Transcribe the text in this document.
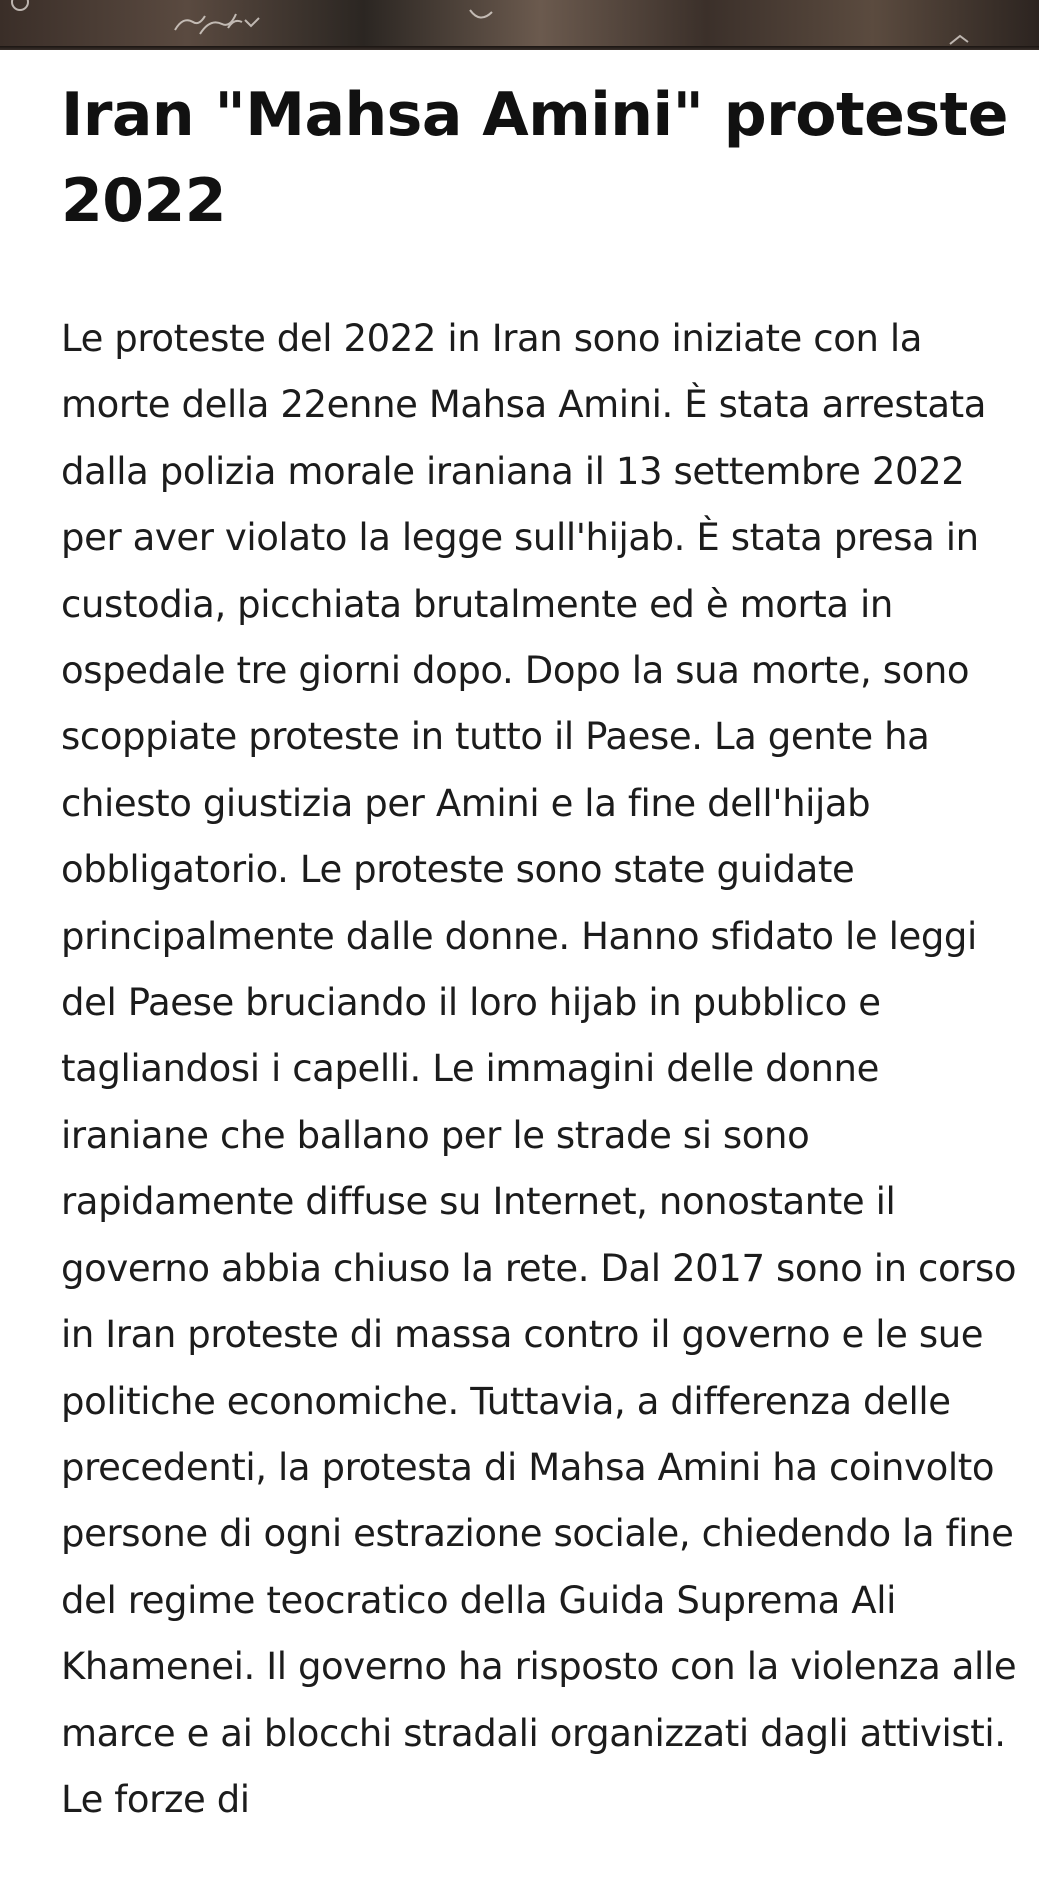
Iran "Mahsa Amini" proteste 2022

Le proteste del 2022 in Iran sono iniziate con la morte della 22enne Mahsa Amini. È stata arrestata dalla polizia morale iraniana il 13 settembre 2022 per aver violato la legge sull'hijab. È stata presa in custodia, picchiata brutalmente ed è morta in ospedale tre giorni dopo. Dopo la sua morte, sono scoppiate proteste in tutto il Paese. La gente ha chiesto giustizia per Amini e la fine dell'hijab obbligatorio. Le proteste sono state guidate principalmente dalle donne. Hanno sfidato le leggi del Paese bruciando il loro hijab in pubblico e tagliandosi i capelli. Le immagini delle donne iraniane che ballano per le strade si sono rapidamente diffuse su Internet, nonostante il governo abbia chiuso la rete. Dal 2017 sono in corso in Iran proteste di massa contro il governo e le sue politiche economiche. Tuttavia, a differenza delle precedenti, la protesta di Mahsa Amini ha coinvolto persone di ogni estrazione sociale, chiedendo la fine del regime teocratico della Guida Suprema Ali Khamenei. Il governo ha risposto con la violenza alle marce e ai blocchi stradali organizzati dagli attivisti. Le forze di
